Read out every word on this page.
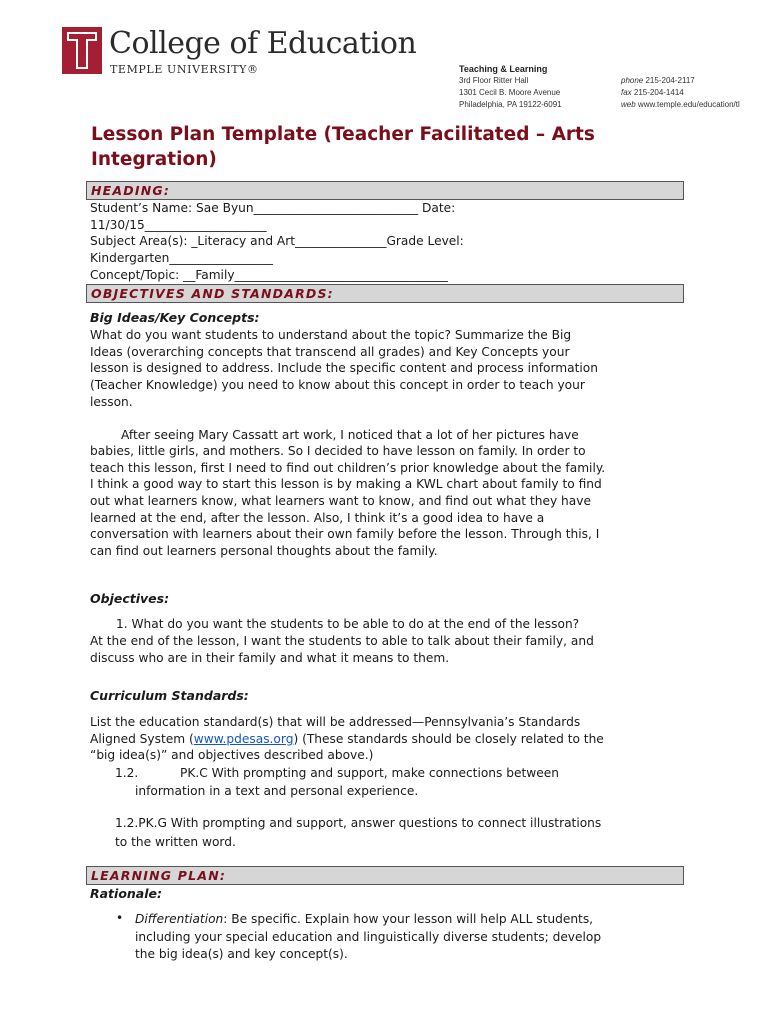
College of Education
TEMPLE UNIVERSITY®	Teaching & Learning
3rd Floor Ritter Hall
1301 Cecil B. Moore Avenue
Philadelphia, PA 19122-6091
phone 215-204-2117
fax 215-204-1414
web www.temple.edu/education/tl
Lesson Plan Template (Teacher Facilitated – Arts Integration)
HEADING:
Student’s Name: Sae Byun___________________________ Date:
11/30/15____________________
Subject Area(s): _Literacy and Art_______________Grade Level:
Kindergarten_________________
Concept/Topic: __Family___________________________________
OBJECTIVES AND STANDARDS:
Big Ideas/Key Concepts:
What do you want students to understand about the topic? Summarize the Big
Ideas (overarching concepts that transcend all grades) and Key Concepts your
lesson is designed to address. Include the specific content and process information
(Teacher Knowledge) you need to know about this concept in order to teach your
lesson.
After seeing Mary Cassatt art work, I noticed that a lot of her pictures have
babies, little girls, and mothers. So I decided to have lesson on family. In order to
teach this lesson, first I need to find out children’s prior knowledge about the family.
I think a good way to start this lesson is by making a KWL chart about family to find
out what learners know, what learners want to know, and find out what they have
learned at the end, after the lesson. Also, I think it’s a good idea to have a
conversation with learners about their own family before the lesson. Through this, I
can find out learners personal thoughts about the family.
Objectives:
1. What do you want the students to be able to do at the end of the lesson?
At the end of the lesson, I want the students to able to talk about their family, and
discuss who are in their family and what it means to them.
Curriculum Standards:
List the education standard(s) that will be addressed—Pennsylvania’s Standards
Aligned System (www.pdesas.org) (These standards should be closely related to the
“big idea(s)” and objectives described above.)
1.2.	PK.C With prompting and support, make connections between
information in a text and personal experience.
1.2.PK.G With prompting and support, answer questions to connect illustrations
to the written word.
LEARNING PLAN:
Rationale:
• Differentiation: Be specific. Explain how your lesson will help ALL students,
including your special education and linguistically diverse students; develop
the big idea(s) and key concept(s).
